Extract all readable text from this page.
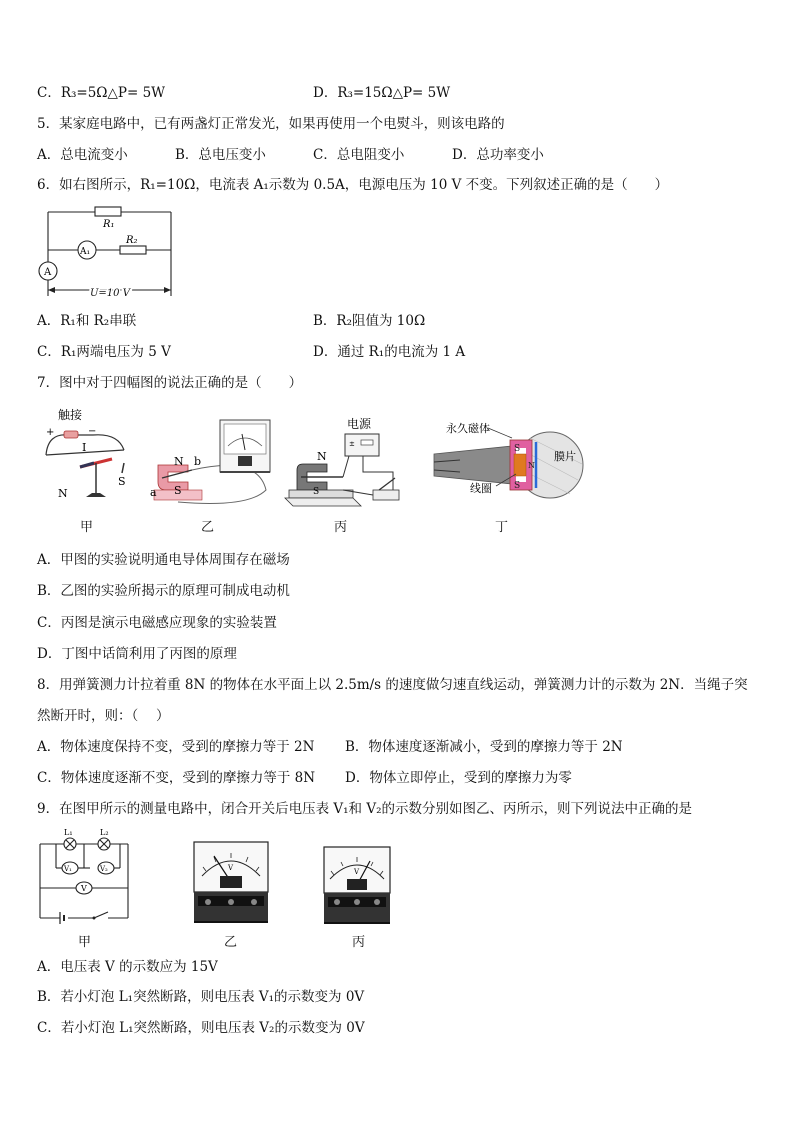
C．R₃=5Ω△P= 5W	D．R₃=15Ω△P= 5W
5．某家庭电路中，已有两盏灯正常发光，如果再使用一个电熨斗，则该电路的
A．总电流变小	B．总电压变小	C．总电阻变小	D．总功率变小
6．如右图所示，R₁=10Ω，电流表 A₁示数为 0.5A，电源电压为 10 V 不变。下列叙述正确的是（　　）
R₁
R₂
A₁
A
U=10 V
A．R₁和 R₂串联	B．R₂阻值为 10Ω
C．R₁两端电压为 5 V	D．通过 R₁的电流为 1 A
7．图中对于四幅图的说法正确的是（　　）
触接
+	−
I
N
S
甲
N b
a S
乙
电源
±
N
S
丙
永久磁体
S
N
S
膜片
线圈
丁
A．甲图的实验说明通电导体周围存在磁场
B．乙图的实验所揭示的原理可制成电动机
C．丙图是演示电磁感应现象的实验装置
D．丁图中话筒利用了丙图的原理
8．用弹簧测力计拉着重 8N 的物体在水平面上以 2.5m/s 的速度做匀速直线运动，弹簧测力计的示数为 2N．当绳子突
然断开时，则：（　 ）
A．物体速度保持不变，受到的摩擦力等于 2N B．物体速度逐渐减小，受到的摩擦力等于 2N
C．物体速度逐渐不变，受到的摩擦力等于 8N D．物体立即停止，受到的摩擦力为零
9．在图甲所示的测量电路中，闭合开关后电压表 V₁和 V₂的示数分别如图乙、丙所示，则下列说法中正确的是
L₁	L₂
V₁	V₂
V
甲
V
乙
V
丙
A．电压表 V 的示数应为 15V
B．若小灯泡 L₁突然断路，则电压表 V₁的示数变为 0V
C．若小灯泡 L₁突然断路，则电压表 V₂的示数变为 0V
